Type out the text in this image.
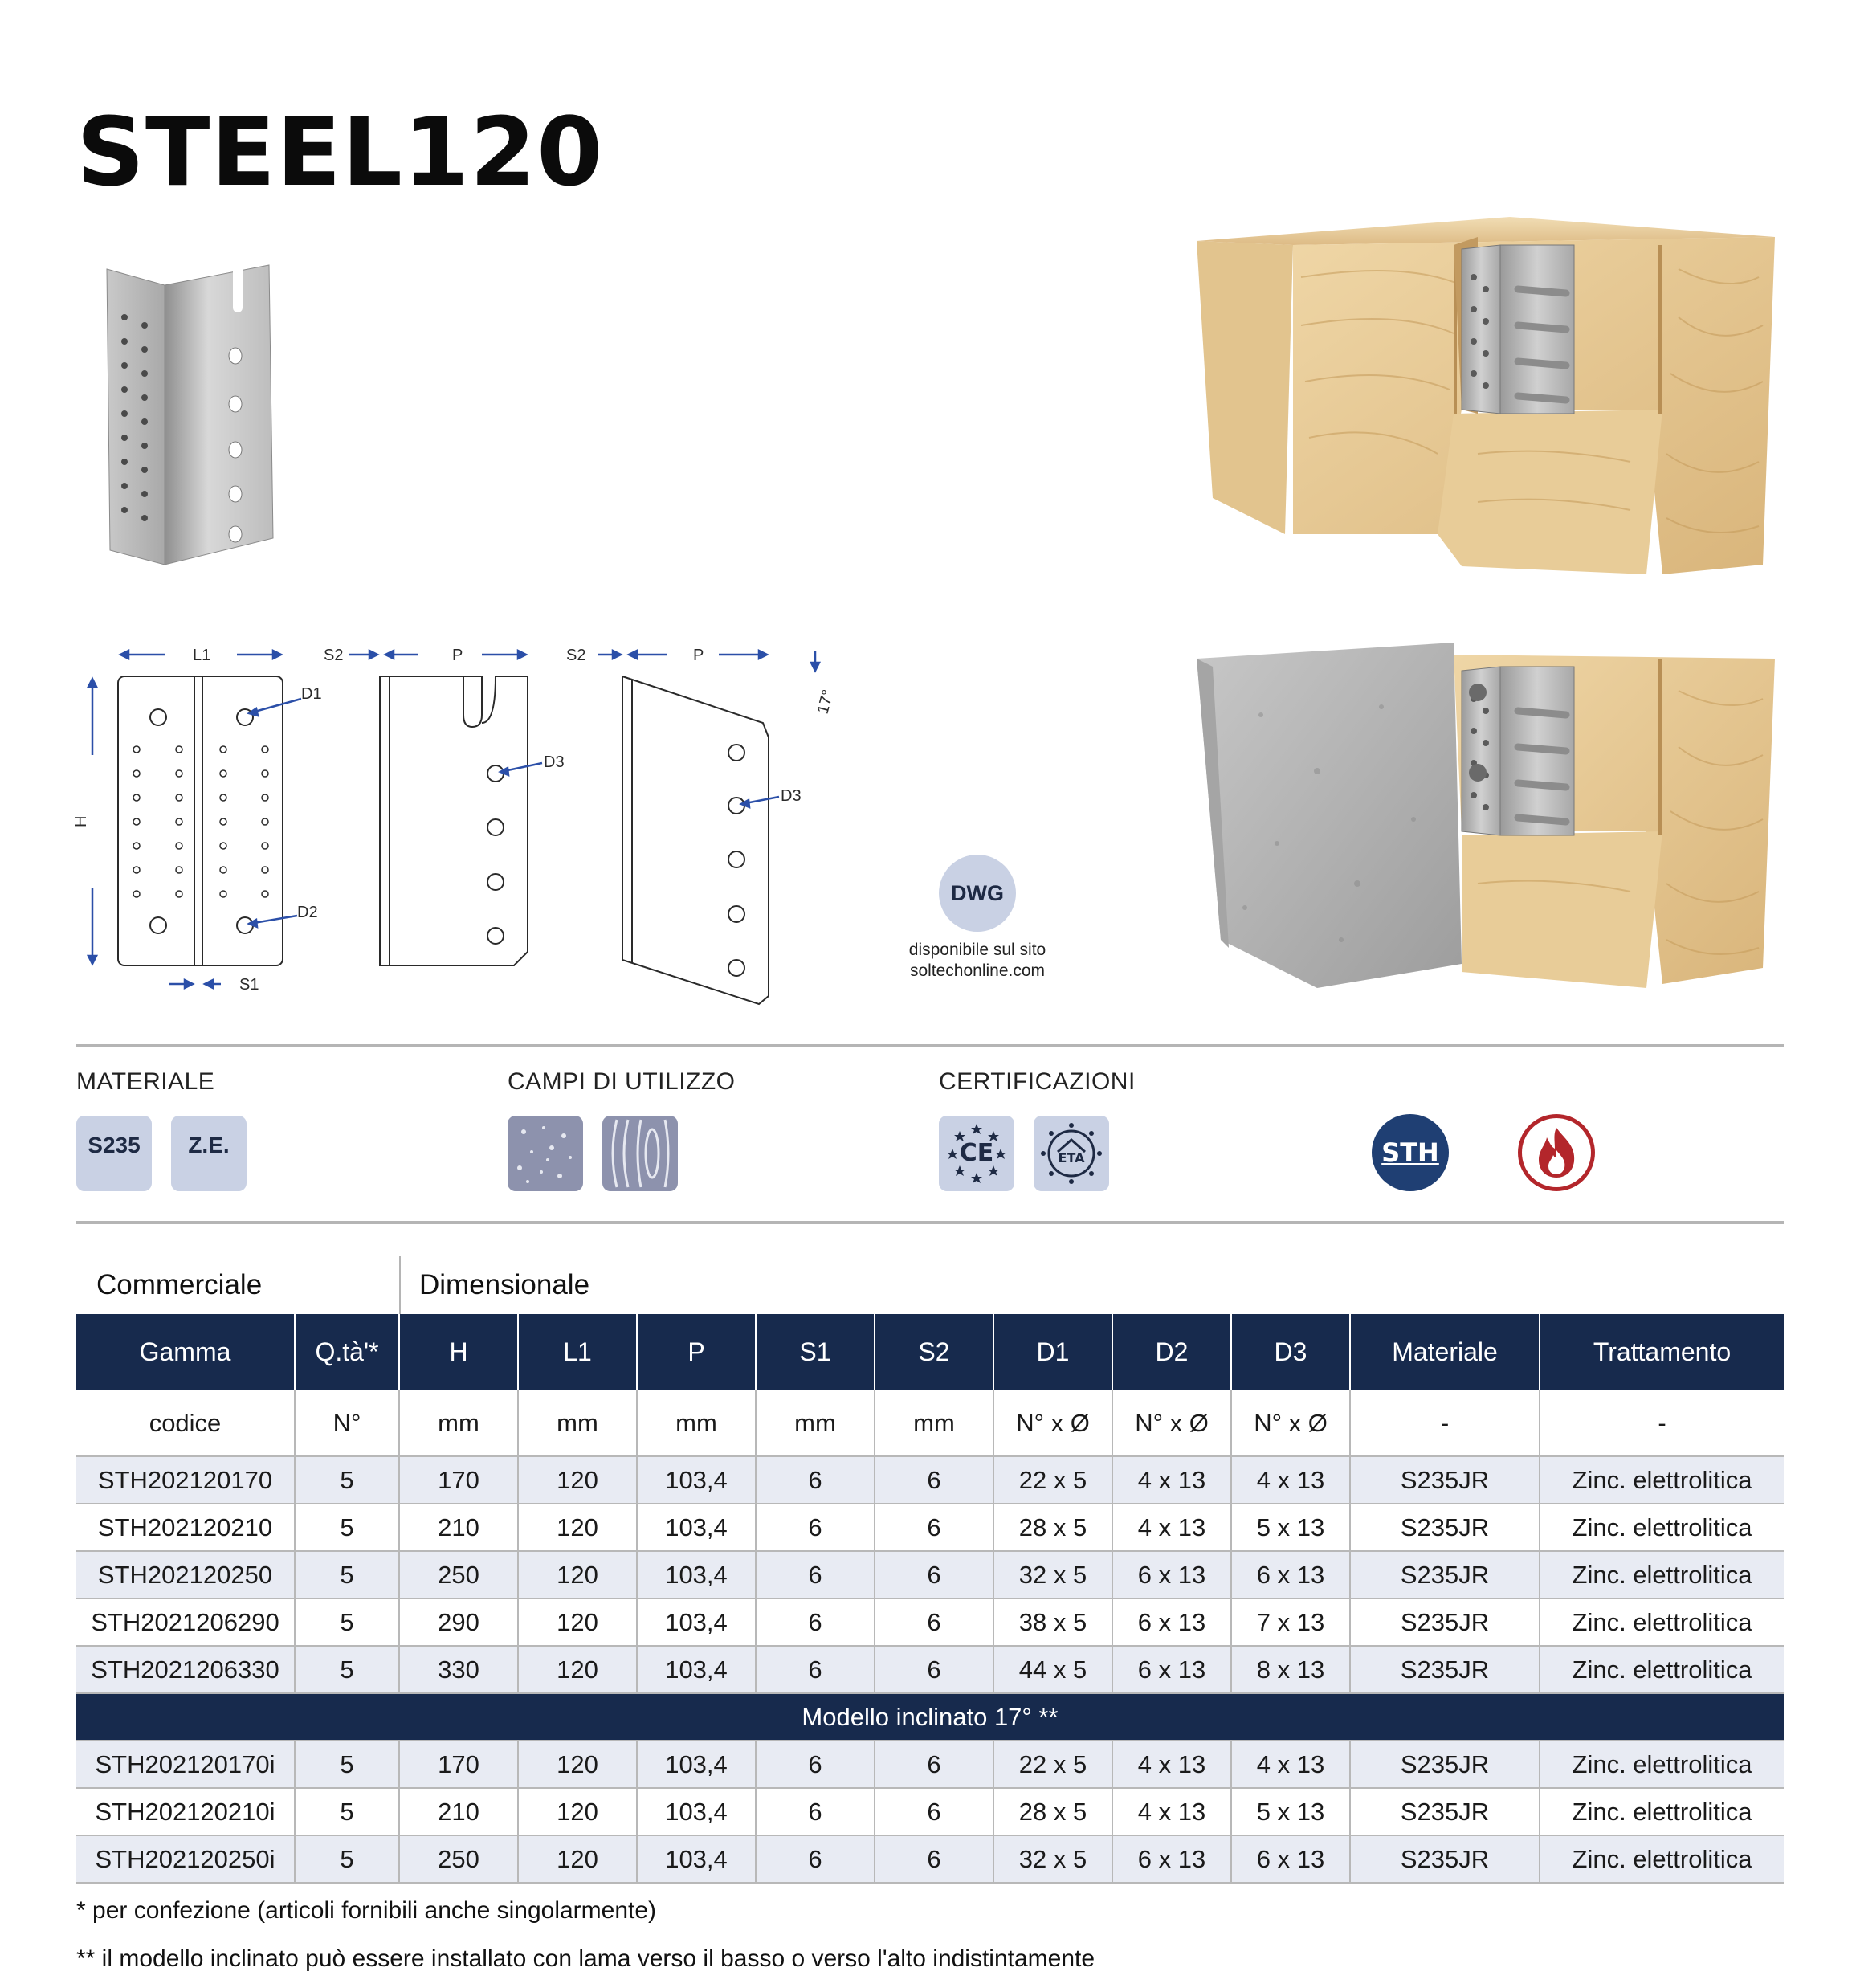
STEEL120
L1	S2	P	S2	P
17°
H
D1
D2
D3
D3
S1
DWG
disponibile sul sito
soltechonline.com
MATERIALE
S235 Z.E.
CAMPI DI UTILIZZO	CERTIFICAZIONI
CE	ETA	STH
Commerciale	Dimensionale
Gamma	Q.tà'*	H	L1	P	S1	S2	D1	D2	D3	Materiale	Trattamento
codice	N°	mm	mm	mm	mm	mm	N° x Ø	N° x Ø	N° x Ø	-	-
STH202120170	5	170	120	103,4	6	6	22 x 5	4 x 13	4 x 13	S235JR	Zinc. elettrolitica
STH202120210	5	210	120	103,4	6	6	28 x 5	4 x 13	5 x 13	S235JR	Zinc. elettrolitica
STH202120250	5	250	120	103,4	6	6	32 x 5	6 x 13	6 x 13	S235JR	Zinc. elettrolitica
STH2021206290	5	290	120	103,4	6	6	38 x 5	6 x 13	7 x 13	S235JR	Zinc. elettrolitica
STH2021206330	5	330	120	103,4	6	6	44 x 5	6 x 13	8 x 13	S235JR	Zinc. elettrolitica
Modello inclinato 17° **											
STH202120170i	5	170	120	103,4	6	6	22 x 5	4 x 13	4 x 13	S235JR	Zinc. elettrolitica
STH202120210i	5	210	120	103,4	6	6	28 x 5	4 x 13	5 x 13	S235JR	Zinc. elettrolitica
STH202120250i	5	250	120	103,4	6	6	32 x 5	6 x 13	6 x 13	S235JR	Zinc. elettrolitica
* per confezione (articoli fornibili anche singolarmente)
** il modello inclinato può essere installato con lama verso il basso o verso l'alto indistintamente
